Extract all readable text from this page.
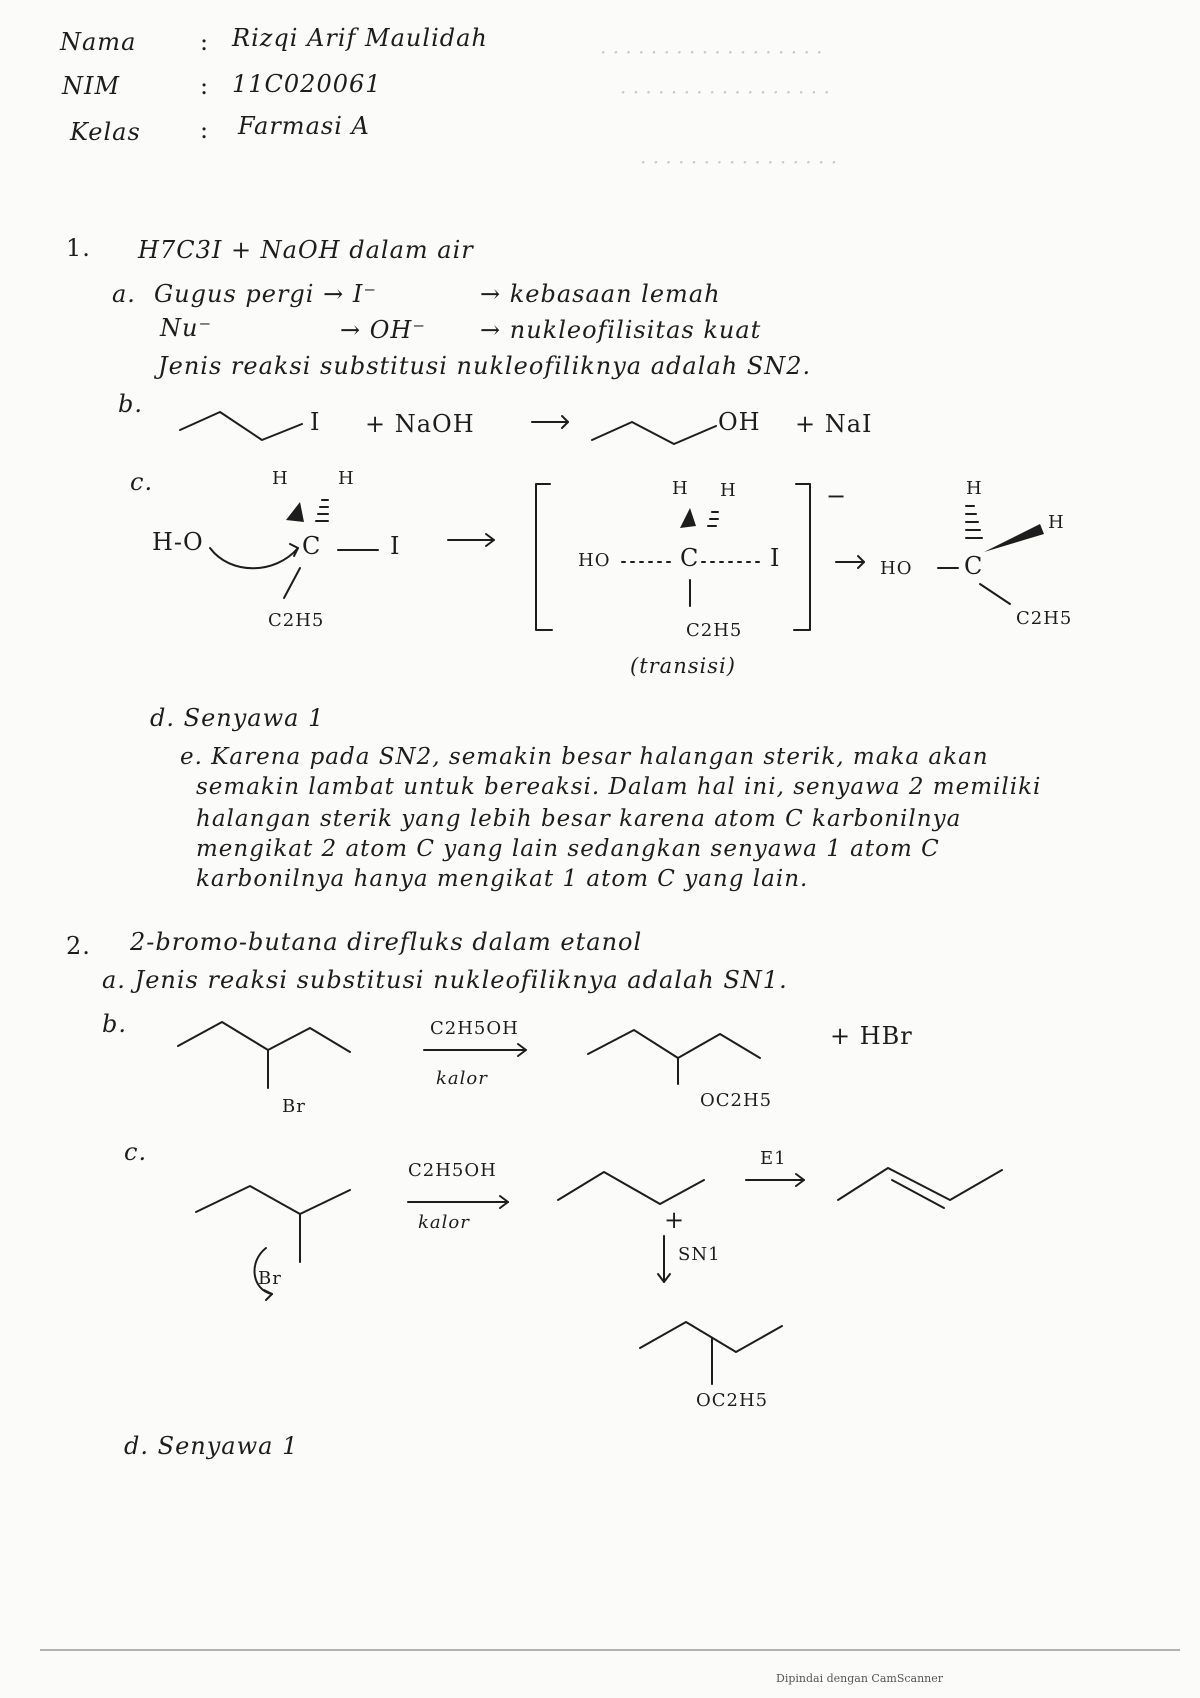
· · · · · · · · · · · · · · · · · ·
· · · · · · · · · · · · · · · · ·
· · · · · · · · · · · · · · · ·
Nama	: Rizqi Arif Maulidah
NIM	: 11C020061
Kelas : Farmasi A
1. H7C3I + NaOH dalam air
a. Gugus pergi → I⁻	→ kebasaan lemah
Nu⁻	→ OH⁻ → nukleofilisitas kuat
Jenis reaksi substitusi nukleofiliknya adalah SN2.
b.
I + NaOH	OH + NaI
c.
H-O
H	H
C	I
C2H5
HO	C	I
H H
C2H5
−
(transisi)
HO C
H
H
C2H5
d. Senyawa 1
e. Karena pada SN2, semakin besar halangan sterik, maka akan
semakin lambat untuk bereaksi. Dalam hal ini, senyawa 2 memiliki
halangan sterik yang lebih besar karena atom C karbonilnya
mengikat 2 atom C yang lain sedangkan senyawa 1 atom C
karbonilnya hanya mengikat 1 atom C yang lain.
2. 2-bromo-butana direfluks dalam etanol
a. Jenis reaksi substitusi nukleofiliknya adalah SN1.
b.
Br
C2H5OH
kalor
OC2H5
+ HBr
c.
Br
C2H5OH
kalor	+
E1
SN1
OC2H5
d. Senyawa 1
Dipindai dengan CamScanner
